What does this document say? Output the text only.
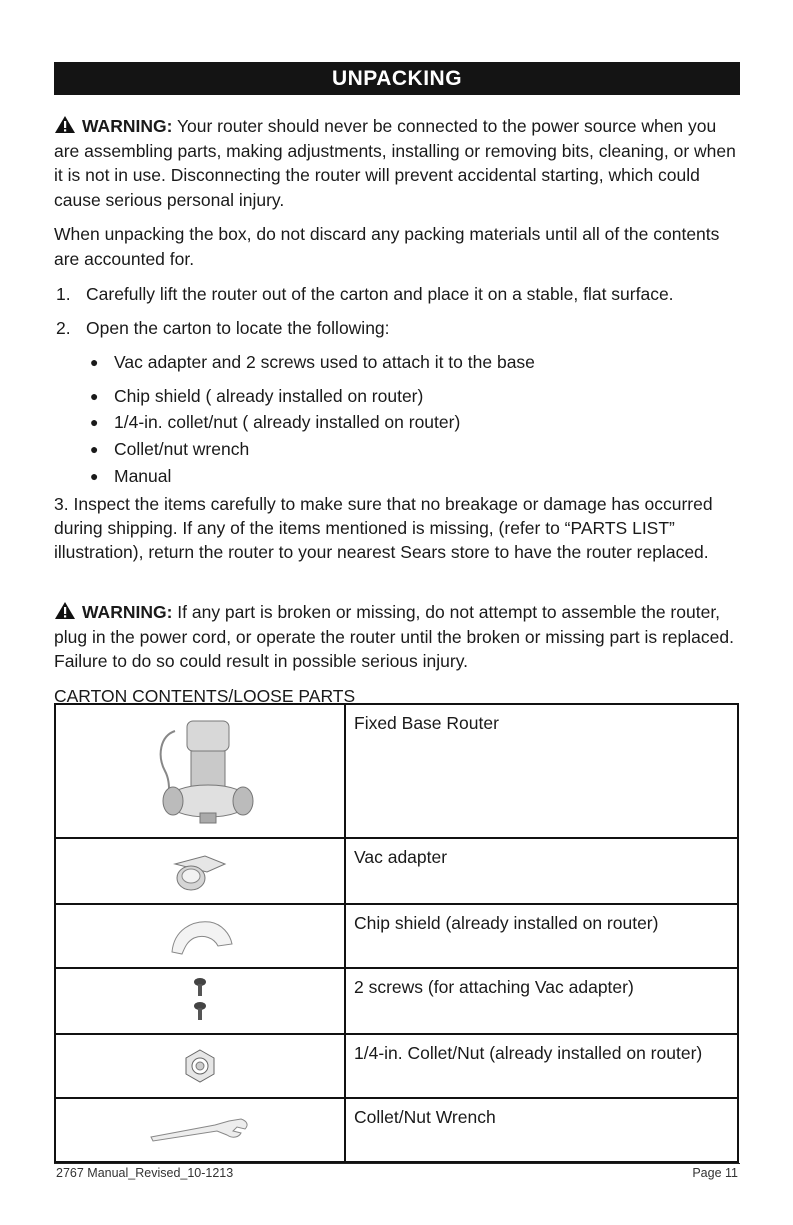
UNPACKING

WARNING: Your router should never be connected to the power source when you are assembling parts, making adjustments, installing or removing bits, cleaning, or when it is not in use. Disconnecting the router will prevent accidental starting, which could cause serious personal injury.

When unpacking the box, do not discard any packing materials until all of the contents are accounted for.

1. Carefully lift the router out of the carton and place it on a stable, flat surface.
2. Open the carton to locate the following:
● Vac adapter and 2 screws used to attach it to the base
● Chip shield ( already installed on router)
● 1/4-in. collet/nut ( already installed on router)
● Collet/nut wrench
● Manual
3. Inspect the items carefully to make sure that no breakage or damage has occurred during shipping. If any of the items mentioned is missing, (refer to “PARTS LIST” illustration), return the router to your nearest Sears store to have the router replaced.

WARNING: If any part is broken or missing, do not attempt to assemble the router, plug in the power cord, or operate the router until the broken or missing part is replaced. Failure to do so could result in possible serious injury.

CARTON CONTENTS/LOOSE PARTS
Fixed Base Router
Vac adapter
Chip shield (already installed on router)
2 screws (for attaching Vac adapter)
1/4-in. Collet/Nut (already installed on router)
Collet/Nut Wrench
2767 Manual_Revised_10-1213	Page 11
